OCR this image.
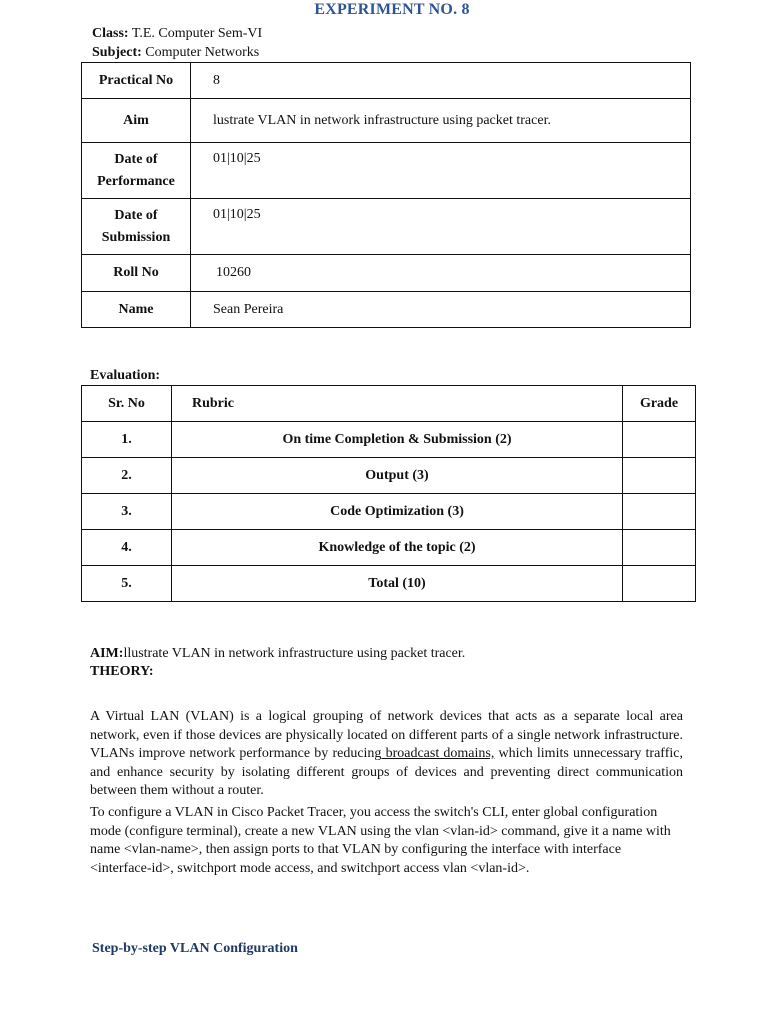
EXPERIMENT NO. 8
Class: T.E. Computer Sem-VI
Subject: Computer Networks
Practical No	8
Aim	lustrate VLAN in network infrastructure using packet tracer.

Date of
Performance	01|10|25

Date of
Submission	01|10|25
Roll No	10260
Name	Sean Pereira
Evaluation:
Sr. No	Rubric	Grade
1.	On time Completion & Submission (2)	
2.	Output (3)	
3.	Code Optimization (3)	
4.	Knowledge of the topic (2)	
5.	Total (10)	
AIM:llustrate VLAN in network infrastructure using packet tracer.
THEORY:
A Virtual LAN (VLAN) is a logical grouping of network devices that acts as a separate local area network, even if those devices are physically located on different parts of a single network infrastructure. VLANs improve network performance by reducing broadcast domains, which limits unnecessary traffic, and enhance security by isolating different groups of devices and preventing direct communication between them without a router.
To configure a VLAN in Cisco Packet Tracer, you access the switch's CLI, enter global configuration mode (configure terminal), create a new VLAN using the vlan <vlan-id> command, give it a name with name <vlan-name>, then assign ports to that VLAN by configuring the interface with interface <interface-id>, switchport mode access, and switchport access vlan <vlan-id>.
Step-by-step VLAN Configuration
